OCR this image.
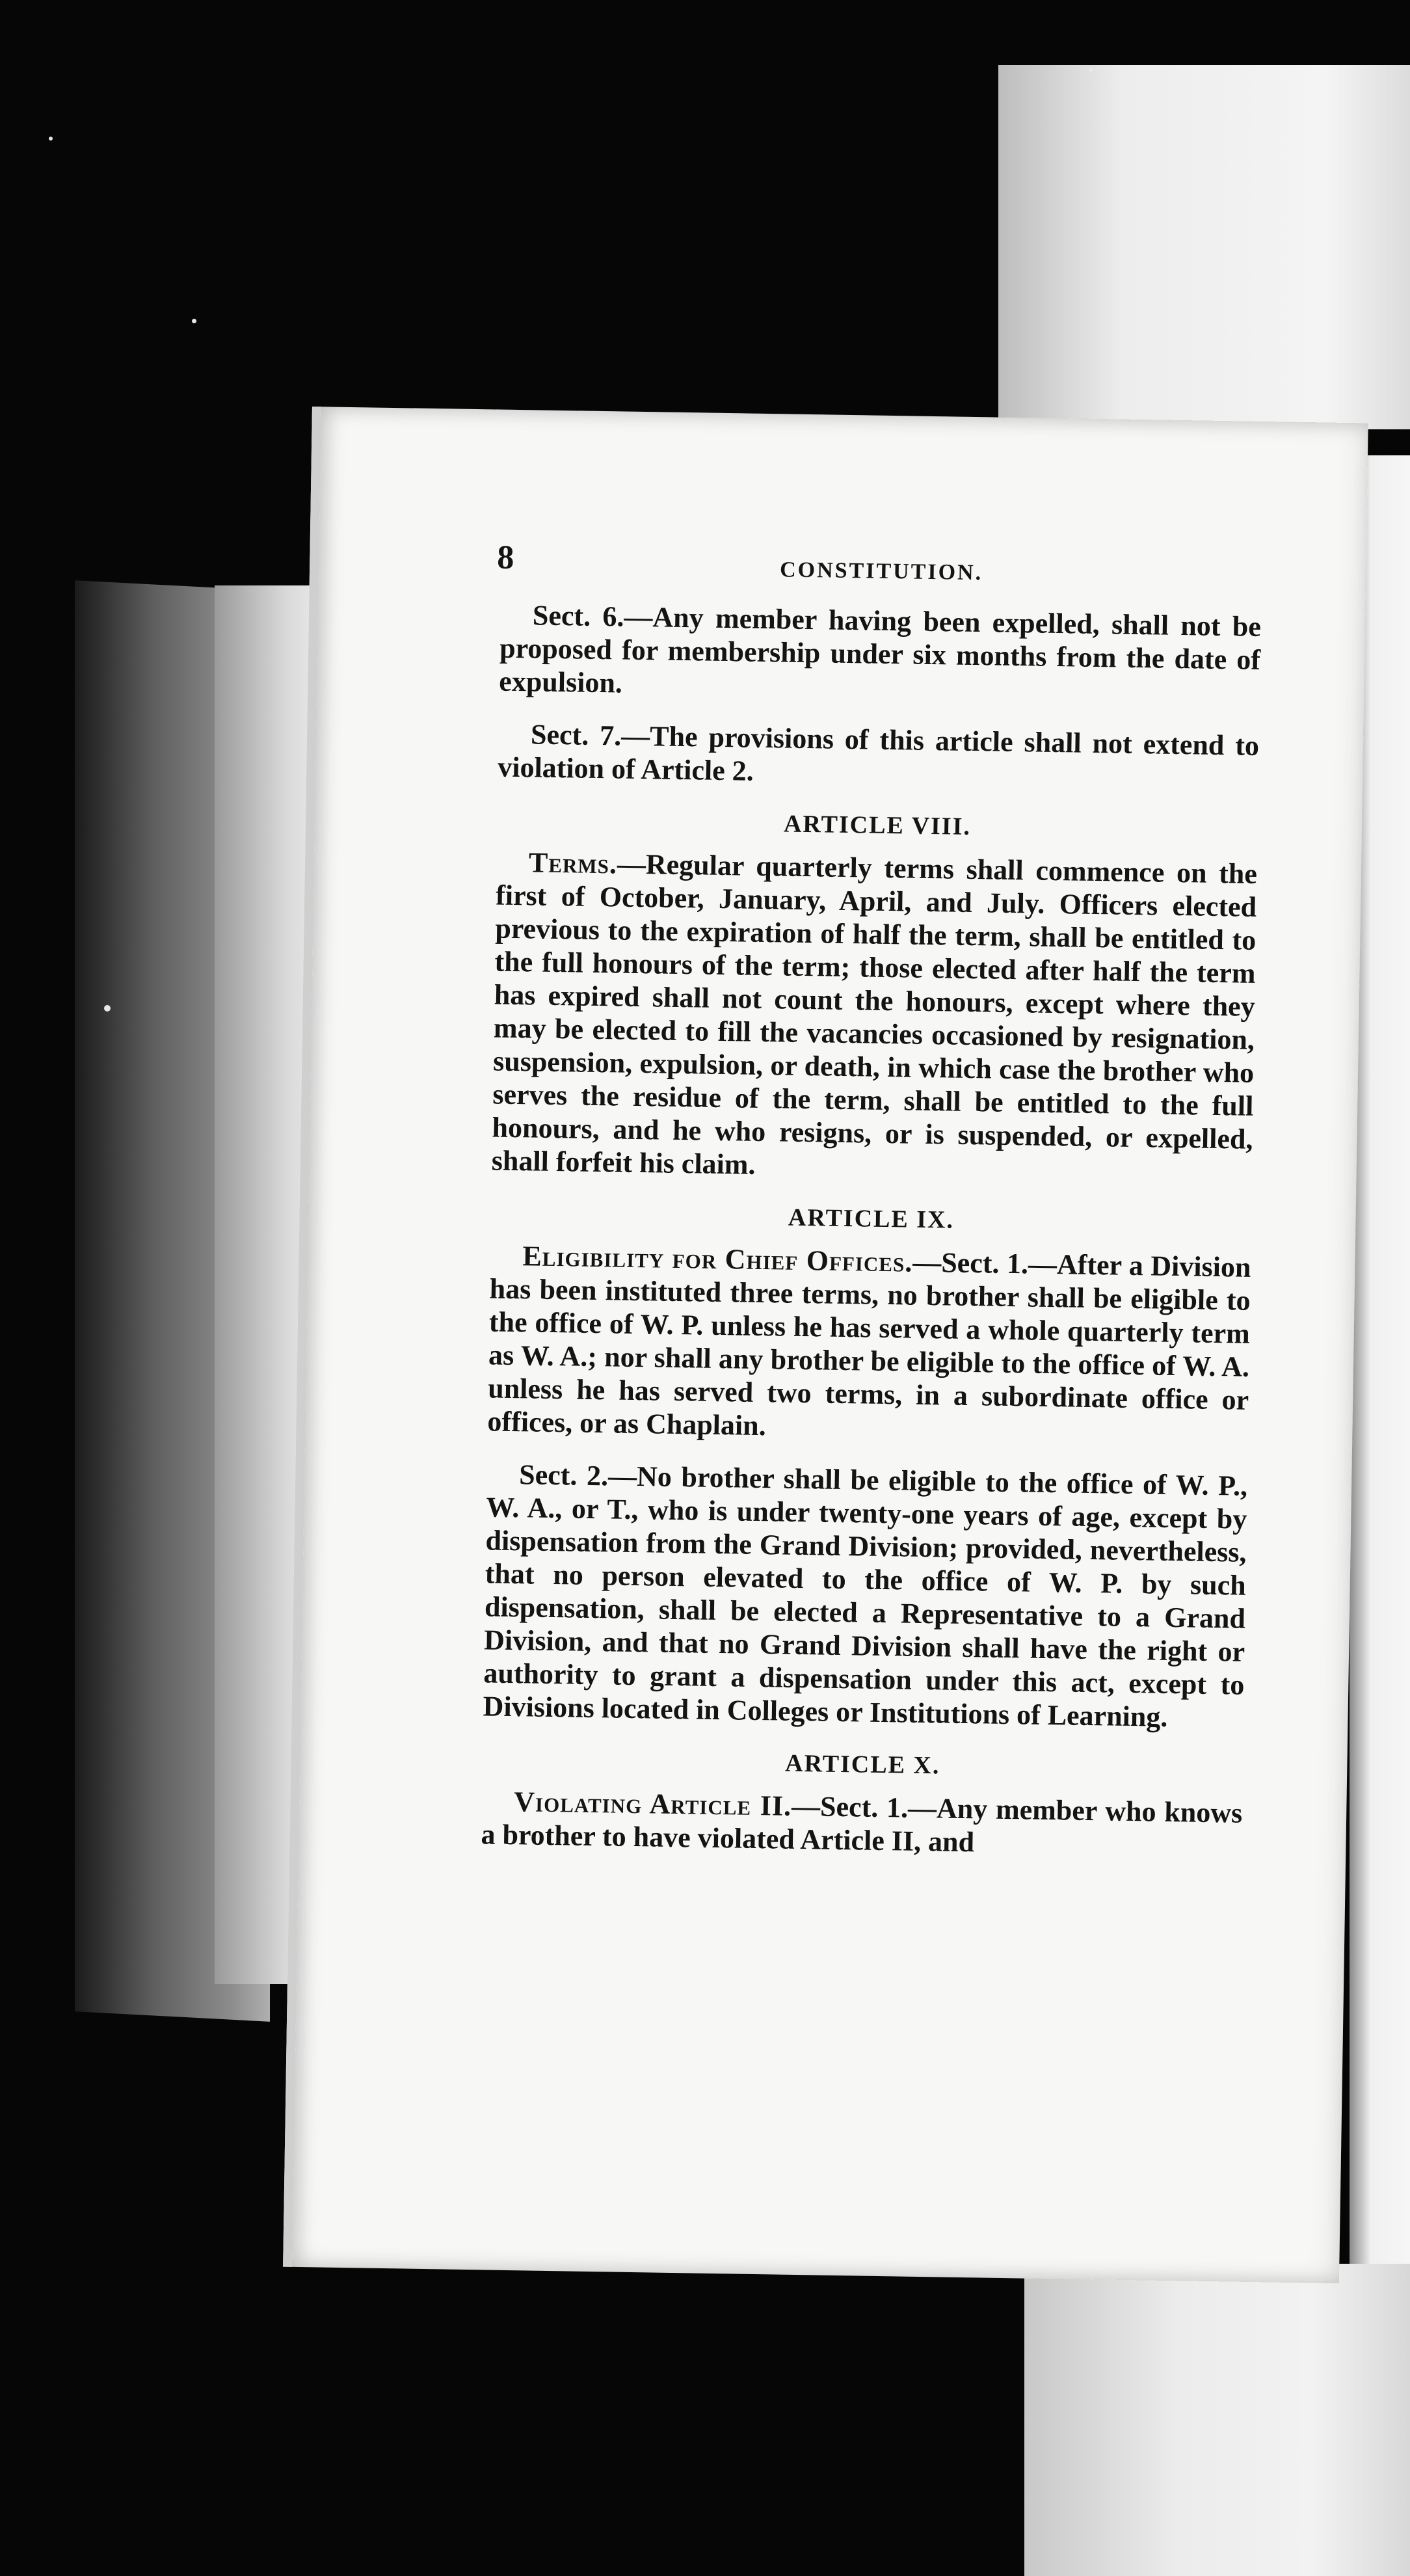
8	CONSTITUTION.

Sect. 6.—Any member having been expelled, shall not be proposed for membership under six months from the date of expulsion.

Sect. 7.—The provisions of this article shall not extend to violation of Article 2.

ARTICLE VIII.

Terms.—Regular quarterly terms shall commence on the first of October, January, April, and July. Officers elected previous to the expiration of half the term, shall be entitled to the full honours of the term; those elected after half the term has expired shall not count the honours, except where they may be elected to fill the vacancies occasioned by resignation, suspension, expulsion, or death, in which case the brother who serves the residue of the term, shall be entitled to the full honours, and he who resigns, or is suspended, or expelled, shall forfeit his claim.

ARTICLE IX.

Eligibility for Chief Offices.—Sect. 1.—After a Division has been instituted three terms, no brother shall be eligible to the office of W. P. unless he has served a whole quarterly term as W. A.; nor shall any brother be eligible to the office of W. A. unless he has served two terms, in a subordinate office or offices, or as Chaplain.

Sect. 2.—No brother shall be eligible to the office of W. P., W. A., or T., who is under twenty-one years of age, except by dispensation from the Grand Division; provided, nevertheless, that no person elevated to the office of W. P. by such dispensation, shall be elected a Representative to a Grand Division, and that no Grand Division shall have the right or authority to grant a dispensation under this act, except to Divisions located in Colleges or Institutions of Learning.

ARTICLE X.

Violating Article II.—Sect. 1.—Any member who knows a brother to have violated Article II, and
